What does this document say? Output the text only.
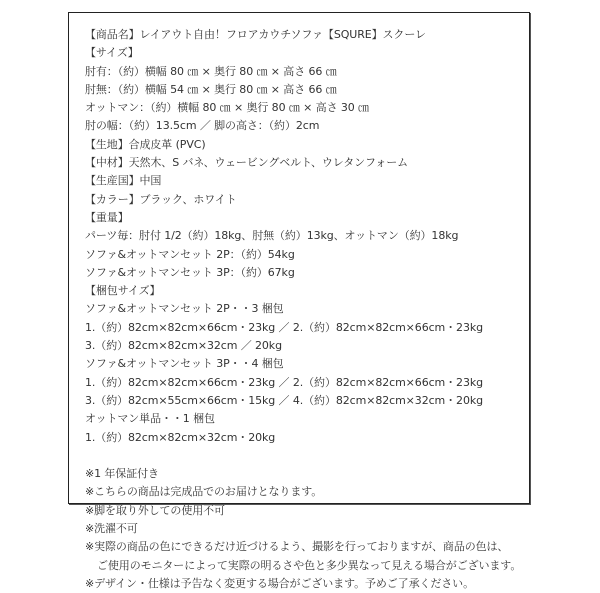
【商品名】レイアウト自由！フロアカウチソファ【SQURE】スクーレ
【サイズ】
肘有：（約）横幅 80 ㎝ × 奥行 80 ㎝ × 高さ 66 ㎝
肘無：（約）横幅 54 ㎝ × 奥行 80 ㎝ × 高さ 66 ㎝
オットマン：（約）横幅 80 ㎝ × 奥行 80 ㎝ × 高さ 30 ㎝
肘の幅：（約）13.5cm ／ 脚の高さ：（約）2cm
【生地】合成皮革 (PVC)
【中材】天然木、S バネ、ウェービングベルト、ウレタンフォーム
【生産国】中国
【カラー】ブラック、ホワイト
【重量】
パーツ毎：肘付 1/2（約）18kg、肘無（約）13kg、オットマン（約）18kg
ソファ&オットマンセット 2P：（約）54kg
ソファ&オットマンセット 3P：（約）67kg
【梱包サイズ】
ソファ&オットマンセット 2P・・3 梱包
1.（約）82cm×82cm×66cm・23kg ／ 2.（約）82cm×82cm×66cm・23kg
3.（約）82cm×82cm×32cm ／ 20kg
ソファ&オットマンセット 3P・・4 梱包
1.（約）82cm×82cm×66cm・23kg ／ 2.（約）82cm×82cm×66cm・23kg
3.（約）82cm×55cm×66cm・15kg ／ 4.（約）82cm×82cm×32cm・20kg
オットマン単品・・1 梱包
1.（約）82cm×82cm×32cm・20kg
※1 年保証付き
※こちらの商品は完成品でのお届けとなります。
※脚を取り外しての使用不可
※洗濯不可
※実際の商品の色にできるだけ近づけるよう、撮影を行っておりますが、商品の色は、
ご使用のモニターによって実際の明るさや色と多少異なって見える場合がございます。
※デザイン・仕様は予告なく変更する場合がございます。予めご了承ください。
